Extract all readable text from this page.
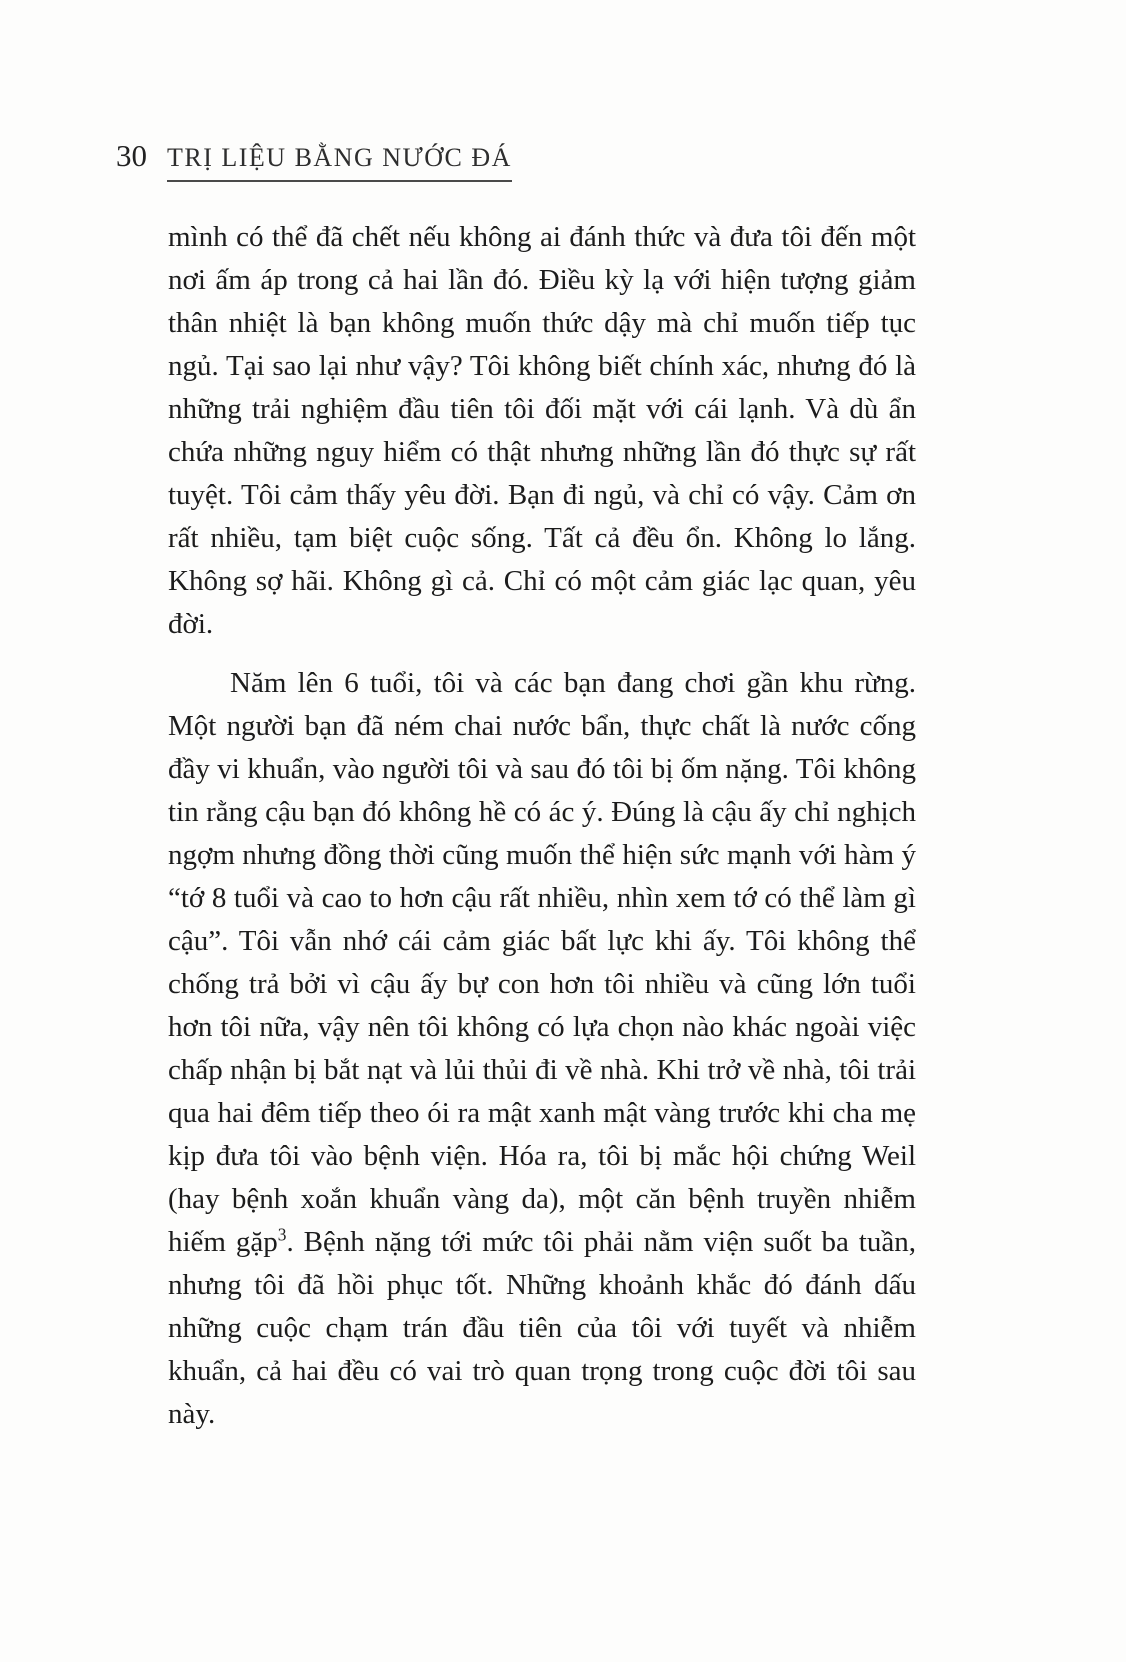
30 TRỊ LIỆU BẰNG NƯỚC ĐÁ

mình có thể đã chết nếu không ai đánh thức và đưa tôi đến một nơi ấm áp trong cả hai lần đó. Điều kỳ lạ với hiện tượng giảm thân nhiệt là bạn không muốn thức dậy mà chỉ muốn tiếp tục ngủ. Tại sao lại như vậy? Tôi không biết chính xác, nhưng đó là những trải nghiệm đầu tiên tôi đối mặt với cái lạnh. Và dù ẩn chứa những nguy hiểm có thật nhưng những lần đó thực sự rất tuyệt. Tôi cảm thấy yêu đời. Bạn đi ngủ, và chỉ có vậy. Cảm ơn rất nhiều, tạm biệt cuộc sống. Tất cả đều ổn. Không lo lắng. Không sợ hãi. Không gì cả. Chỉ có một cảm giác lạc quan, yêu đời.

Năm lên 6 tuổi, tôi và các bạn đang chơi gần khu rừng. Một người bạn đã ném chai nước bẩn, thực chất là nước cống đầy vi khuẩn, vào người tôi và sau đó tôi bị ốm nặng. Tôi không tin rằng cậu bạn đó không hề có ác ý. Đúng là cậu ấy chỉ nghịch ngợm nhưng đồng thời cũng muốn thể hiện sức mạnh với hàm ý “tớ 8 tuổi và cao to hơn cậu rất nhiều, nhìn xem tớ có thể làm gì cậu”. Tôi vẫn nhớ cái cảm giác bất lực khi ấy. Tôi không thể chống trả bởi vì cậu ấy bự con hơn tôi nhiều và cũng lớn tuổi hơn tôi nữa, vậy nên tôi không có lựa chọn nào khác ngoài việc chấp nhận bị bắt nạt và lủi thủi đi về nhà. Khi trở về nhà, tôi trải qua hai đêm tiếp theo ói ra mật xanh mật vàng trước khi cha mẹ kịp đưa tôi vào bệnh viện. Hóa ra, tôi bị mắc hội chứng Weil (hay bệnh xoắn khuẩn vàng da), một căn bệnh truyền nhiễm hiếm gặp$^3$. Bệnh nặng tới mức tôi phải nằm viện suốt ba tuần, nhưng tôi đã hồi phục tốt. Những khoảnh khắc đó đánh dấu những cuộc chạm trán đầu tiên của tôi với tuyết và nhiễm khuẩn, cả hai đều có vai trò quan trọng trong cuộc đời tôi sau này.
